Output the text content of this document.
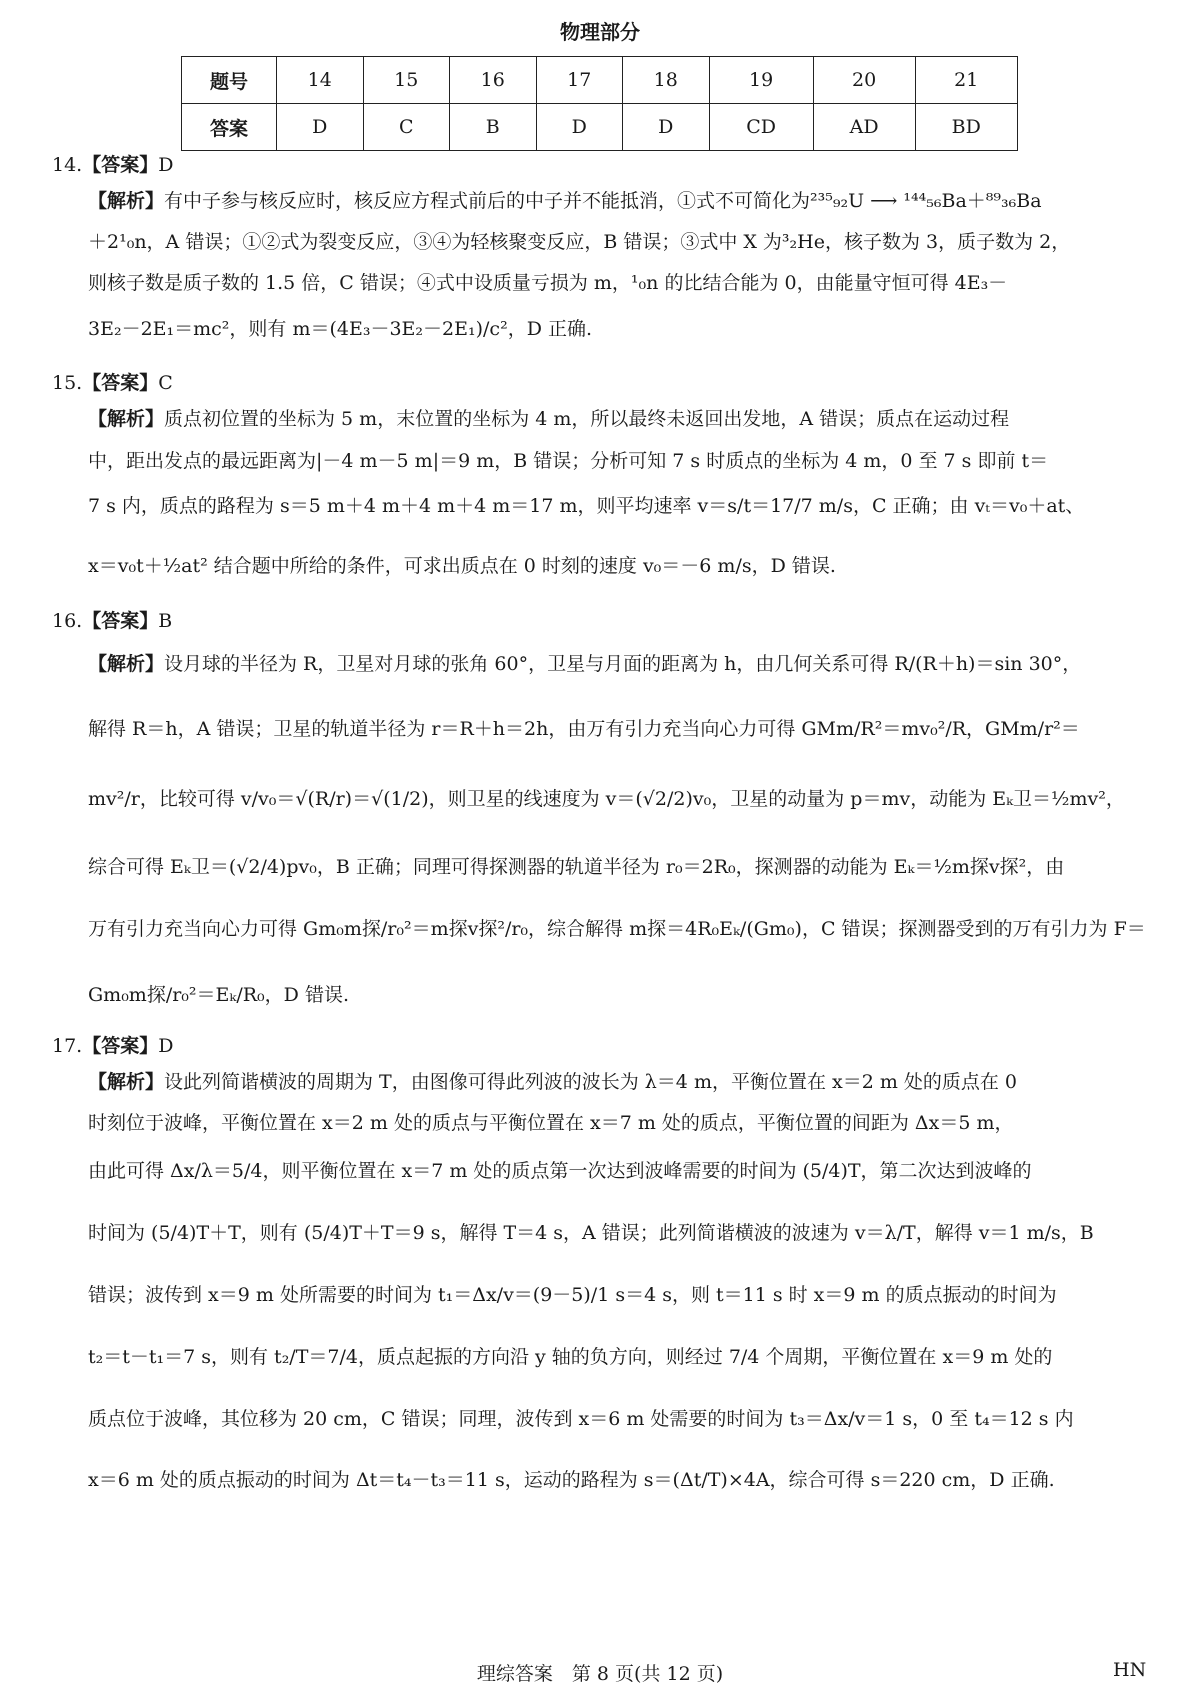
物理部分
题号	14	15	16	17	18	19	20	21
答案	D	C	B	D	D	CD	AD	BD
14.【答案】D
【解析】有中子参与核反应时，核反应方程式前后的中子并不能抵消，①式不可简化为²³⁵₉₂U ⟶ ¹⁴⁴₅₆Ba＋⁸⁹₃₆Ba
＋2¹₀n，A 错误；①②式为裂变反应，③④为轻核聚变反应，B 错误；③式中 X 为³₂He，核子数为 3，质子数为 2，
则核子数是质子数的 1.5 倍，C 错误；④式中设质量亏损为 m，¹₀n 的比结合能为 0，由能量守恒可得 4E₃－
3E₂－2E₁＝mc²，则有 m＝(4E₃－3E₂－2E₁)/c²，D 正确.
15.【答案】C
【解析】质点初位置的坐标为 5 m，末位置的坐标为 4 m，所以最终未返回出发地，A 错误；质点在运动过程
中，距出发点的最远距离为|－4 m－5 m|＝9 m，B 错误；分析可知 7 s 时质点的坐标为 4 m，0 至 7 s 即前 t＝
7 s 内，质点的路程为 s＝5 m＋4 m＋4 m＋4 m＝17 m，则平均速率 v＝s/t＝17/7 m/s，C 正确；由 vₜ＝v₀＋at、
x＝v₀t＋½at² 结合题中所给的条件，可求出质点在 0 时刻的速度 v₀＝－6 m/s，D 错误.
16.【答案】B
【解析】设月球的半径为 R，卫星对月球的张角 60°，卫星与月面的距离为 h，由几何关系可得 R/(R＋h)＝sin 30°，
解得 R＝h，A 错误；卫星的轨道半径为 r＝R＋h＝2h，由万有引力充当向心力可得 GMm/R²＝mv₀²/R，GMm/r²＝
mv²/r，比较可得 v/v₀＝√(R/r)＝√(1/2)，则卫星的线速度为 v＝(√2/2)v₀，卫星的动量为 p＝mv，动能为 Eₖ卫＝½mv²，
综合可得 Eₖ卫＝(√2/4)pv₀，B 正确；同理可得探测器的轨道半径为 r₀＝2R₀，探测器的动能为 Eₖ＝½m探v探²，由
万有引力充当向心力可得 Gm₀m探/r₀²＝m探v探²/r₀，综合解得 m探＝4R₀Eₖ/(Gm₀)，C 错误；探测器受到的万有引力为 F＝
Gm₀m探/r₀²＝Eₖ/R₀，D 错误.
17.【答案】D
【解析】设此列简谐横波的周期为 T，由图像可得此列波的波长为 λ＝4 m，平衡位置在 x＝2 m 处的质点在 0
时刻位于波峰，平衡位置在 x＝2 m 处的质点与平衡位置在 x＝7 m 处的质点，平衡位置的间距为 Δx＝5 m，
由此可得 Δx/λ＝5/4，则平衡位置在 x＝7 m 处的质点第一次达到波峰需要的时间为 (5/4)T，第二次达到波峰的
时间为 (5/4)T＋T，则有 (5/4)T＋T＝9 s，解得 T＝4 s，A 错误；此列简谐横波的波速为 v＝λ/T，解得 v＝1 m/s，B
错误；波传到 x＝9 m 处所需要的时间为 t₁＝Δx/v＝(9－5)/1 s＝4 s，则 t＝11 s 时 x＝9 m 的质点振动的时间为
t₂＝t－t₁＝7 s，则有 t₂/T＝7/4，质点起振的方向沿 y 轴的负方向，则经过 7/4 个周期，平衡位置在 x＝9 m 处的
质点位于波峰，其位移为 20 cm，C 错误；同理，波传到 x＝6 m 处需要的时间为 t₃＝Δx/v＝1 s，0 至 t₄＝12 s 内
x＝6 m 处的质点振动的时间为 Δt＝t₄－t₃＝11 s，运动的路程为 s＝(Δt/T)×4A，综合可得 s＝220 cm，D 正确.
理综答案　第 8 页(共 12 页)	HN
